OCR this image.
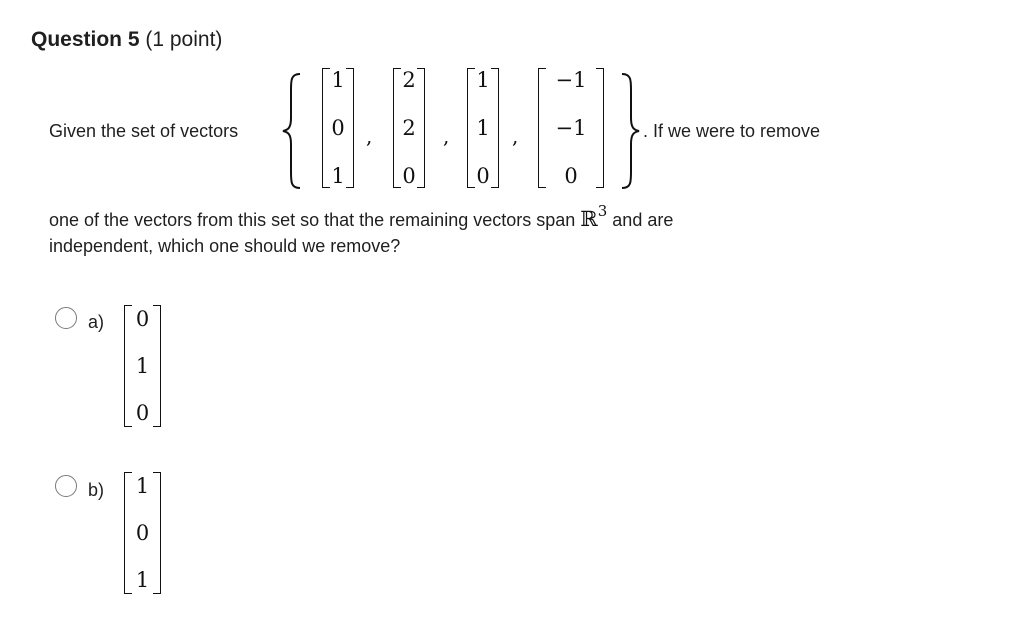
Question 5 (1 point)
Given the set of vectors
1
0
1
,
2
2
0
,
1
1
0
,
−1
−1
0
. If we were to remove
one of the vectors from this set so that the remaining vectors span ℝ$^3$ and are
independent, which one should we remove?
a)	0
1
0
b)	1
0
1
